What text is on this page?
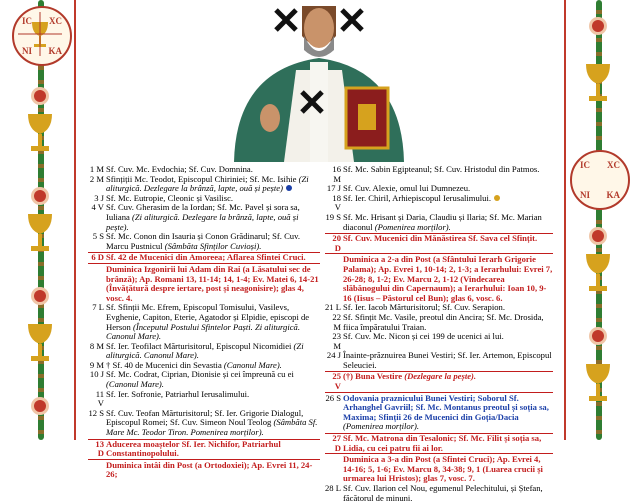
IC XC
NI KA
IC XC
NI KA
1 M Sf. Cuv. Mc. Evdochia; Sf. Cuv. Domnina.
2 M Sfințiții Mc. Teodot, Episcopul Chiriniei; Sf. Mc. Isihie (Zi aliturgică. Dezlegare la brânză, lapte, ouă și pește)
3 J Sf. Mc. Eutropie, Cleonic și Vasilisc.
4 V Sf. Cuv. Gherasim de la Iordan; Sf. Mc. Pavel și sora sa, Iuliana (Zi aliturgică. Dezlegare la brânză, lapte, ouă și pește).
5 S Sf. Mc. Conon din Isauria și Conon Grădinarul; Sf. Cuv. Marcu Pustnicul (Sâmbăta Sfinților Cuvioși).
6 D Sf. 42 de Mucenici din Amoreea; Aflarea Sfintei Cruci.
Duminica Izgonirii lui Adam din Rai (a Lăsatului sec de brânză); Ap. Romani 13, 11-14; 14, 1-4; Ev. Matei 6, 14-21 (Învățătură despre iertare, post și neagonisire); glas 4, vosc. 4.
7 L Sf. Sfinții Mc. Efrem, Episcopul Tomisului, Vasilevs, Evghenie, Capiton, Eterie, Agatodor și Elpidie, episcopi de Herson (Începutul Postului Sfintelor Paști. Zi aliturgică. Canonul Mare).
8 M Sf. Ier. Teofilact Mărturisitorul, Episcopul Nicomidiei (Zi aliturgică. Canonul Mare).
9 M † Sf. 40 de Mucenici din Sevastia (Canonul Mare).
10 J Sf. Mc. Codrat, Ciprian, Dionisie și cei împreună cu ei (Canonul Mare).
11 V
Sf. Ier. Sofronie, Patriarhul Ierusalimului.
12 S Sf. Cuv. Teofan Mărturisitorul; Sf. Ier. Grigorie Dialogul, Episcopul Romei; Sf. Cuv. Simeon Noul Teolog (Sâmbăta Sf. Mare Mc. Teodor Tiron. Pomenirea morților).
13 D
Aducerea moaștelor Sf. Ier. Nichifor, Patriarhul Constantinopolului.
Duminica întâi din Post (a Ortodoxiei); Ap. Evrei 11, 24-26;
16 M
Sf. Mc. Sabin Egipteanul; Sf. Cuv. Hristodul din Patmos.
17 J Sf. Cuv. Alexie, omul lui Dumnezeu.
18 V
Sf. Ier. Chiril, Arhiepiscopul Ierusalimului.
19 S Sf. Mc. Hrisant și Daria, Claudiu și Ilaria; Sf. Mc. Marian diaconul (Pomenirea morților).
20 D
Sf. Cuv. Mucenici din Mănăstirea Sf. Sava cel Sfințit.
Duminica a 2-a din Post (a Sfântului Ierarh Grigorie Palama); Ap. Evrei 1, 10-14; 2, 1-3; a Ierarhului: Evrei 7, 26-28; 8, 1-2; Ev. Marcu 2, 1-12 (Vindecarea slăbănogului din Capernaum); a Ierarhului: Ioan 10, 9-16 (Iisus – Păstorul cel Bun); glas 6, vosc. 6.
21 L Sf. Ier. Iacob Mărturisitorul; Sf. Cuv. Serapion.
22 M
Sf. Sfințit Mc. Vasile, preotul din Ancira; Sf. Mc. Drosida, fiica împăratului Traian.
23 M
Sf. Cuv. Mc. Nicon și cei 199 de ucenici ai lui.
24 J Înainte-prăznuirea Bunei Vestiri; Sf. Ier. Artemon, Episcopul Seleuciei.
25 V
(†) Buna Vestire (Dezlegare la pește).
26 S Odovania praznicului Bunei Vestiri; Soborul Sf. Arhanghel Gavriil; Sf. Mc. Montanus preotul și soția sa, Maxima; Sfinții 26 de Mucenici din Goția/Dacia (Pomenirea morților).
27 D
Sf. Mc. Matrona din Tesalonic; Sf. Mc. Filit și soția sa, Lidia, cu cei patru fii ai lor.
Duminica a 3-a din Post (a Sfintei Cruci); Ap. Evrei 4, 14-16; 5, 1-6; Ev. Marcu 8, 34-38; 9, 1 (Luarea crucii și urmarea lui Hristos); glas 7, vosc. 7.
28 L Sf. Cuv. Ilarion cel Nou, egumenul Pelechitului, și Ștefan, făcătorul de minuni.
